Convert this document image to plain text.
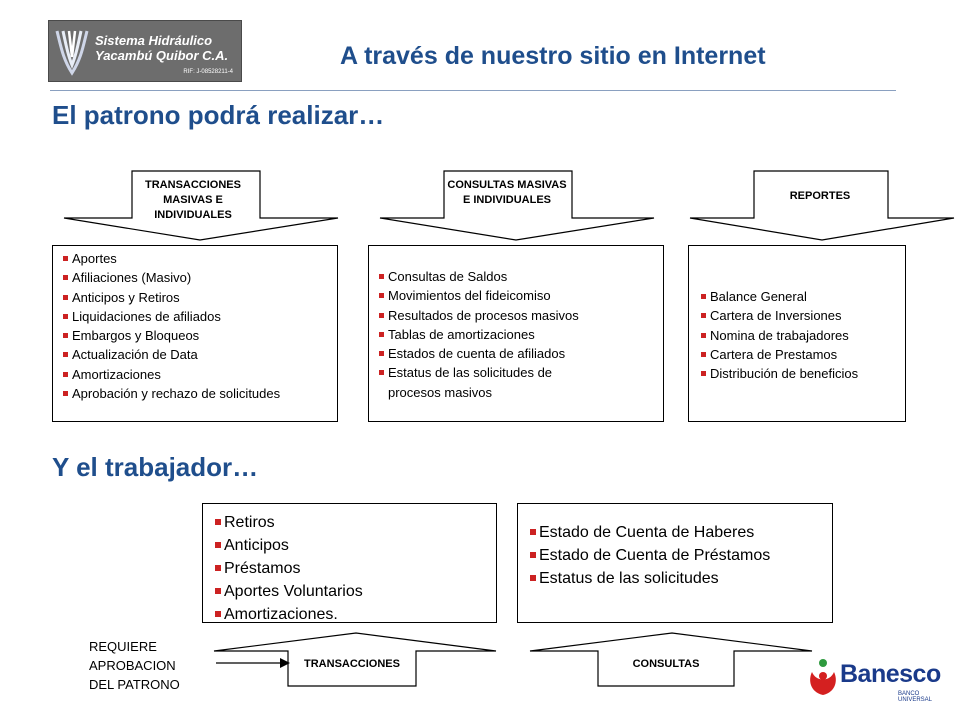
Sistema Hidráulico
Yacambú Quibor C.A.
RIF: J-08528211-4
A través de nuestro sitio en Internet
El patrono podrá realizar…
TRANSACCIONES MASIVAS E INDIVIDUALES
CONSULTAS MASIVAS E INDIVIDUALES	REPORTES
Aportes
Afiliaciones (Masivo)
Anticipos y Retiros
Liquidaciones de afiliados
Embargos y Bloqueos
Actualización de Data
Amortizaciones
Aprobación y rechazo de solicitudes
Consultas de Saldos
Movimientos del fideicomiso
Resultados de procesos masivos
Tablas de amortizaciones
Estados de cuenta de afiliados
Estatus de las solicitudes de procesos masivos
Balance General
Cartera de Inversiones
Nomina de trabajadores
Cartera de Prestamos
Distribución de beneficios
Y el trabajador…
Retiros
Anticipos
Préstamos
Aportes Voluntarios
Amortizaciones.
Estado de Cuenta de Haberes
Estado de Cuenta de Préstamos
Estatus de las solicitudes
TRANSACCIONES	CONSULTAS
REQUIERE
APROBACION
DEL PATRONO	Banesco
BANCO UNIVERSAL
